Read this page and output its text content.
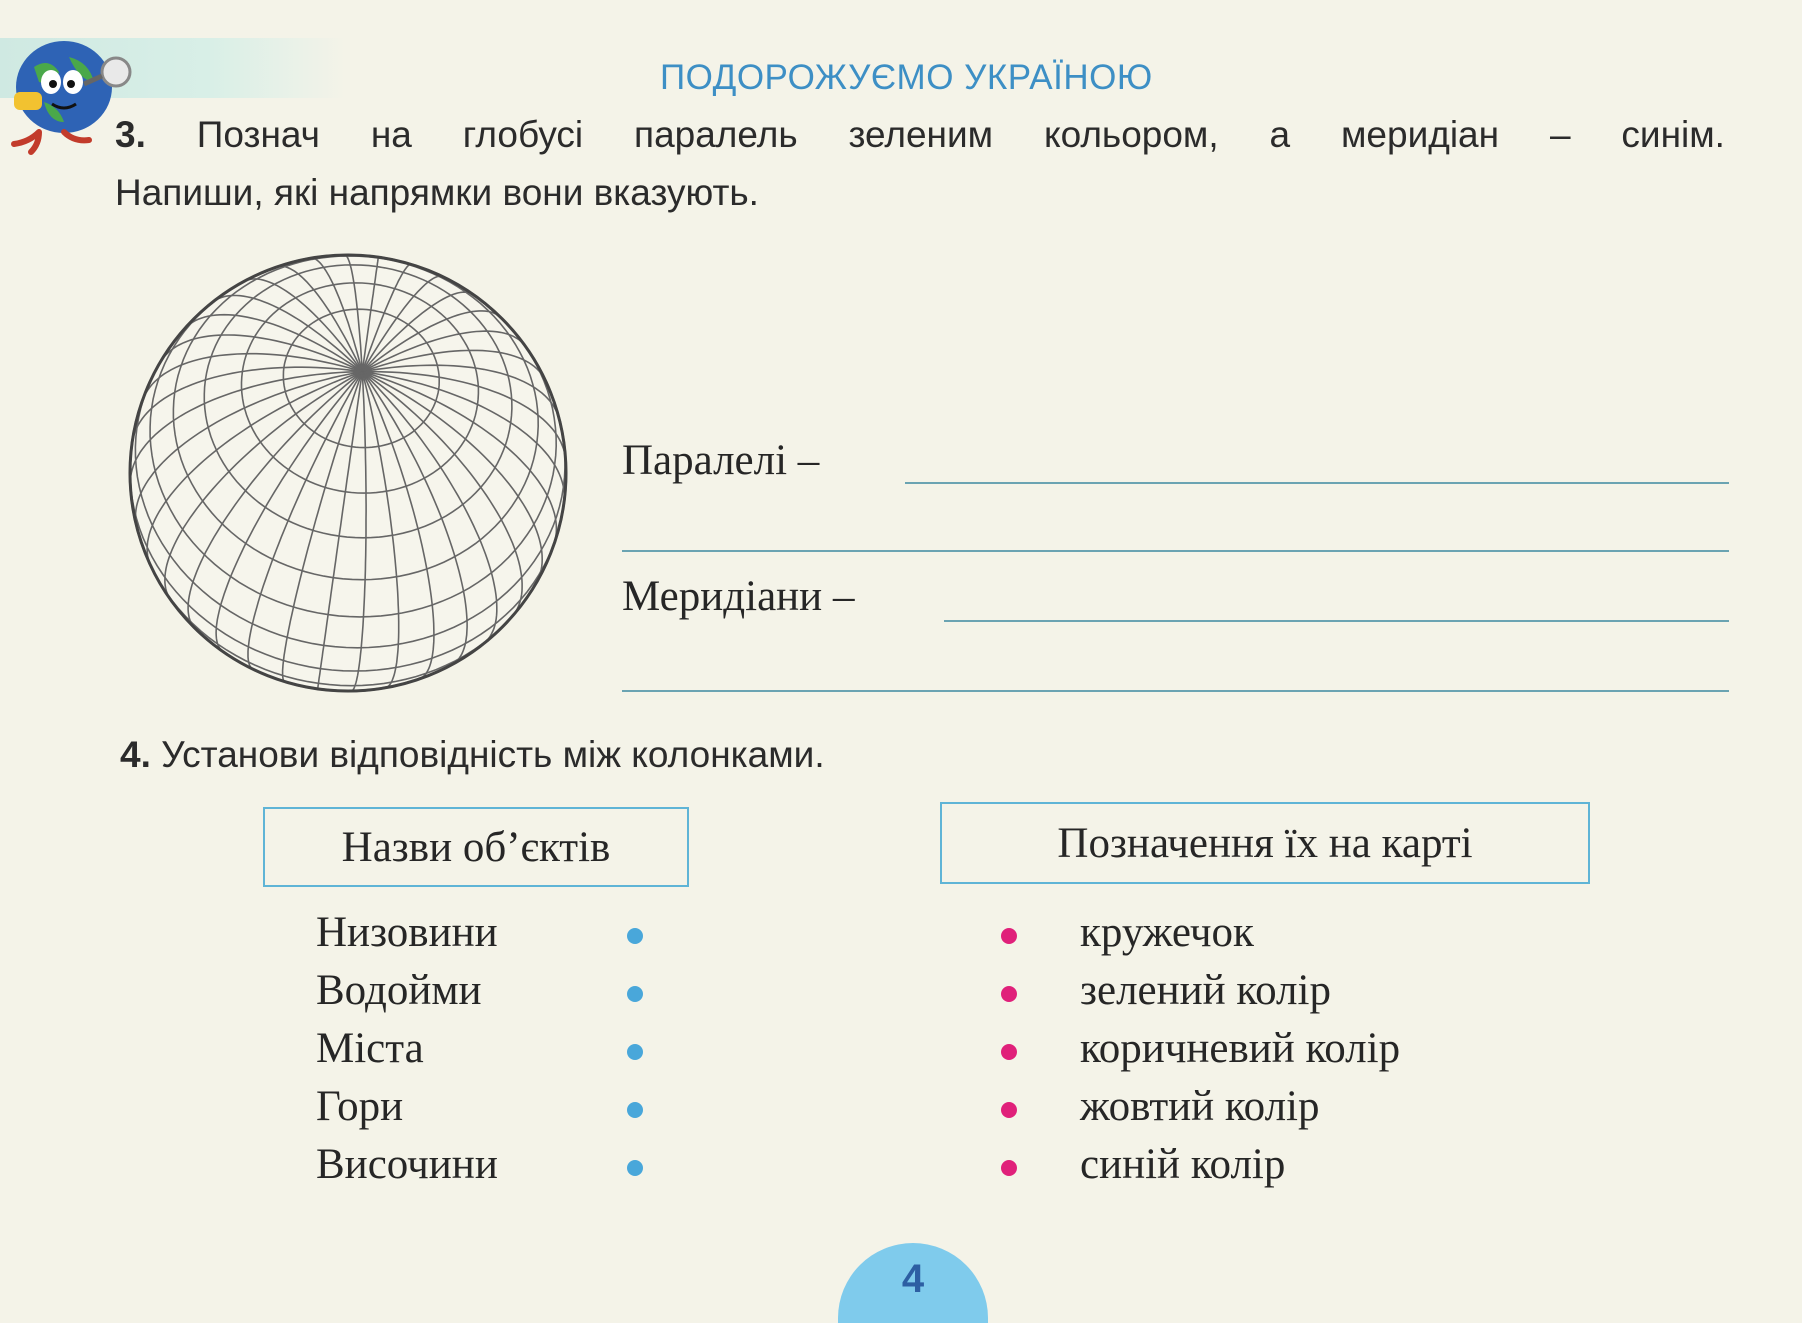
ПОДОРОЖУЄМО УКРАЇНОЮ
3. Познач на глобусі паралель зеленим кольором, а меридіан – синім.
Напиши, які напрямки вони вказують.
Паралелі –
Меридіани –
4. Установи відповідність між колонками.
Назви об’єктів	Позначення їх на карті
Низовини
Водойми
Міста
Гори
Височини
кружечок
зелений колір
коричневий колір
жовтий колір
синій колір
4
